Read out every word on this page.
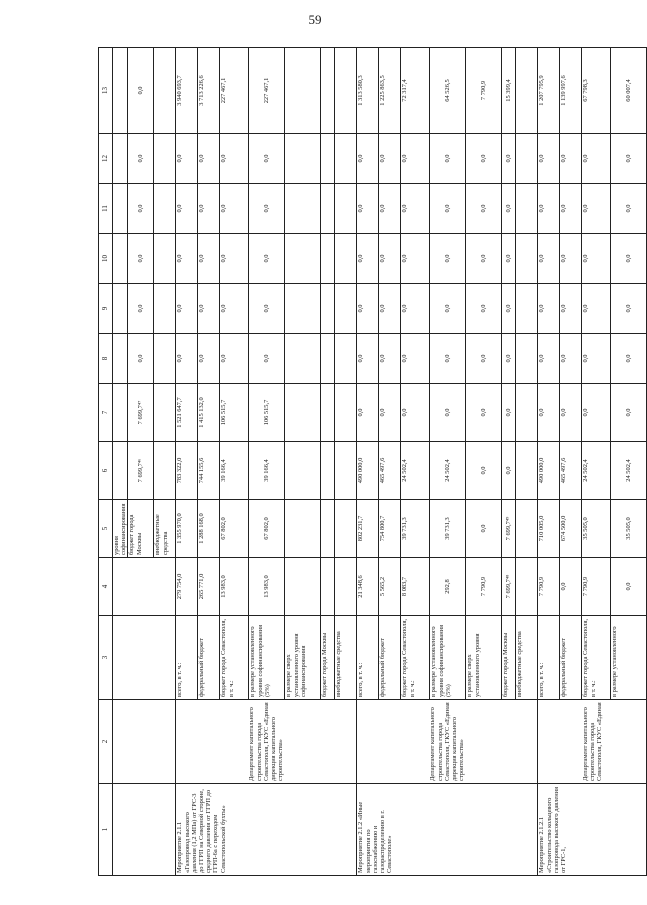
59
1	2	3	4	5	6	7	8	9	10	11	12	13	
				уровня софинансирования										
				бюджет города Москвы	7 699,7⁴⁶	7 699,7⁴⁷	0,0	0,0	0,0	0,0	0,0	0,0		
				внебюджетные средства										
Мероприятие 2.1.1 «Газопровод высокого давления (1,2 МПа) от ГРС-3 до ГГРП на Северной стороне, среднего давления от ГГРП до ГГРП-6а с переходом Севастопольской бухты»	Департамент капитального строительства города Севастополя, ГКУС «Единая дирекция капитального строительства»	всего, в т. ч.:	279 754,0	1 355 970,0	783 322,0	1 521 647,7	0,0	0,0	0,0	0,0	0,0	3 940 693,7	
		федеральный бюджет	265 771,0	1 288 168,0	744 155,6	1 415 132,0	0,0	0,0	0,0	0,0	0,0	3 713 226,6	
		бюджет города Севастополя, в т. ч.:	13 983,0	67 802,0	39 166,4	106 515,7	0,0	0,0	0,0	0,0	0,0	227 467,1	
		в размере установленного уровня софинансирования (5%)	13 983,0	67 802,0	39 166,4	106 515,7	0,0	0,0	0,0	0,0	0,0	227 467,1	
		в размере сверх установленного уровня софинансирования											
		бюджет города Москвы											
		внебюджетные средства											
Мероприятие 2.1.2 «Иные мероприятия по газоснабжению и газораспределению в г. Севастополе»	Департамент капитального строительства города Севастополя, ГКУС «Единая дирекция капитального строительства»	всего, в т. ч.:	21 348,6	802 231,7	490 000,0	0,0	0,0	0,0	0,0	0,0	0,0	1 313 580,3	
		федеральный бюджет	5 565,2	754 800,7	465 497,6	0,0	0,0	0,0	0,0	0,0	0,0	1 225 863,5	
		бюджет города Севастополя, в т. ч.:	8 083,7	39 731,3	24 502,4	0,0	0,0	0,0	0,0	0,0	0,0	72 317,4	
		в размере установленного уровня софинансирования (5%)	292,8	39 731,3	24 502,4	0,0	0,0	0,0	0,0	0,0	0,0	64 526,5	
		в размере сверх установленного уровня	7 790,9	0,0	0,0	0,0	0,0	0,0	0,0	0,0	0,0	7 790,9	
		бюджет города Москвы	7 699,7⁴⁸	7 699,7⁴⁹	0,0	0,0	0,0	0,0	0,0	0,0	0,0	15 399,4	
		внебюджетные средства											
Мероприятие 2.1.2.1 «Строительство кольцевого газопровода высокого давления от ГРС-1,	Департамент капитального строительства города Севастополя, ГКУС «Единая	всего, в т. ч.:	7 790,9	710 005,0	490 000,0	0,0	0,0	0,0	0,0	0,0	0,0	1 207 795,9	
		федеральный бюджет	0,0	674 500,0	465 497,6	0,0	0,0	0,0	0,0	0,0	0,0	1 139 997,6	
		бюджет города Севастополя, в т. ч.:	7 790,9	35 505,0	24 502,4	0,0	0,0	0,0	0,0	0,0	0,0	67 798,3	
		в размере установленного	0,0	35 505,0	24 502,4	0,0	0,0	0,0	0,0	0,0	0,0	60 007,4	
